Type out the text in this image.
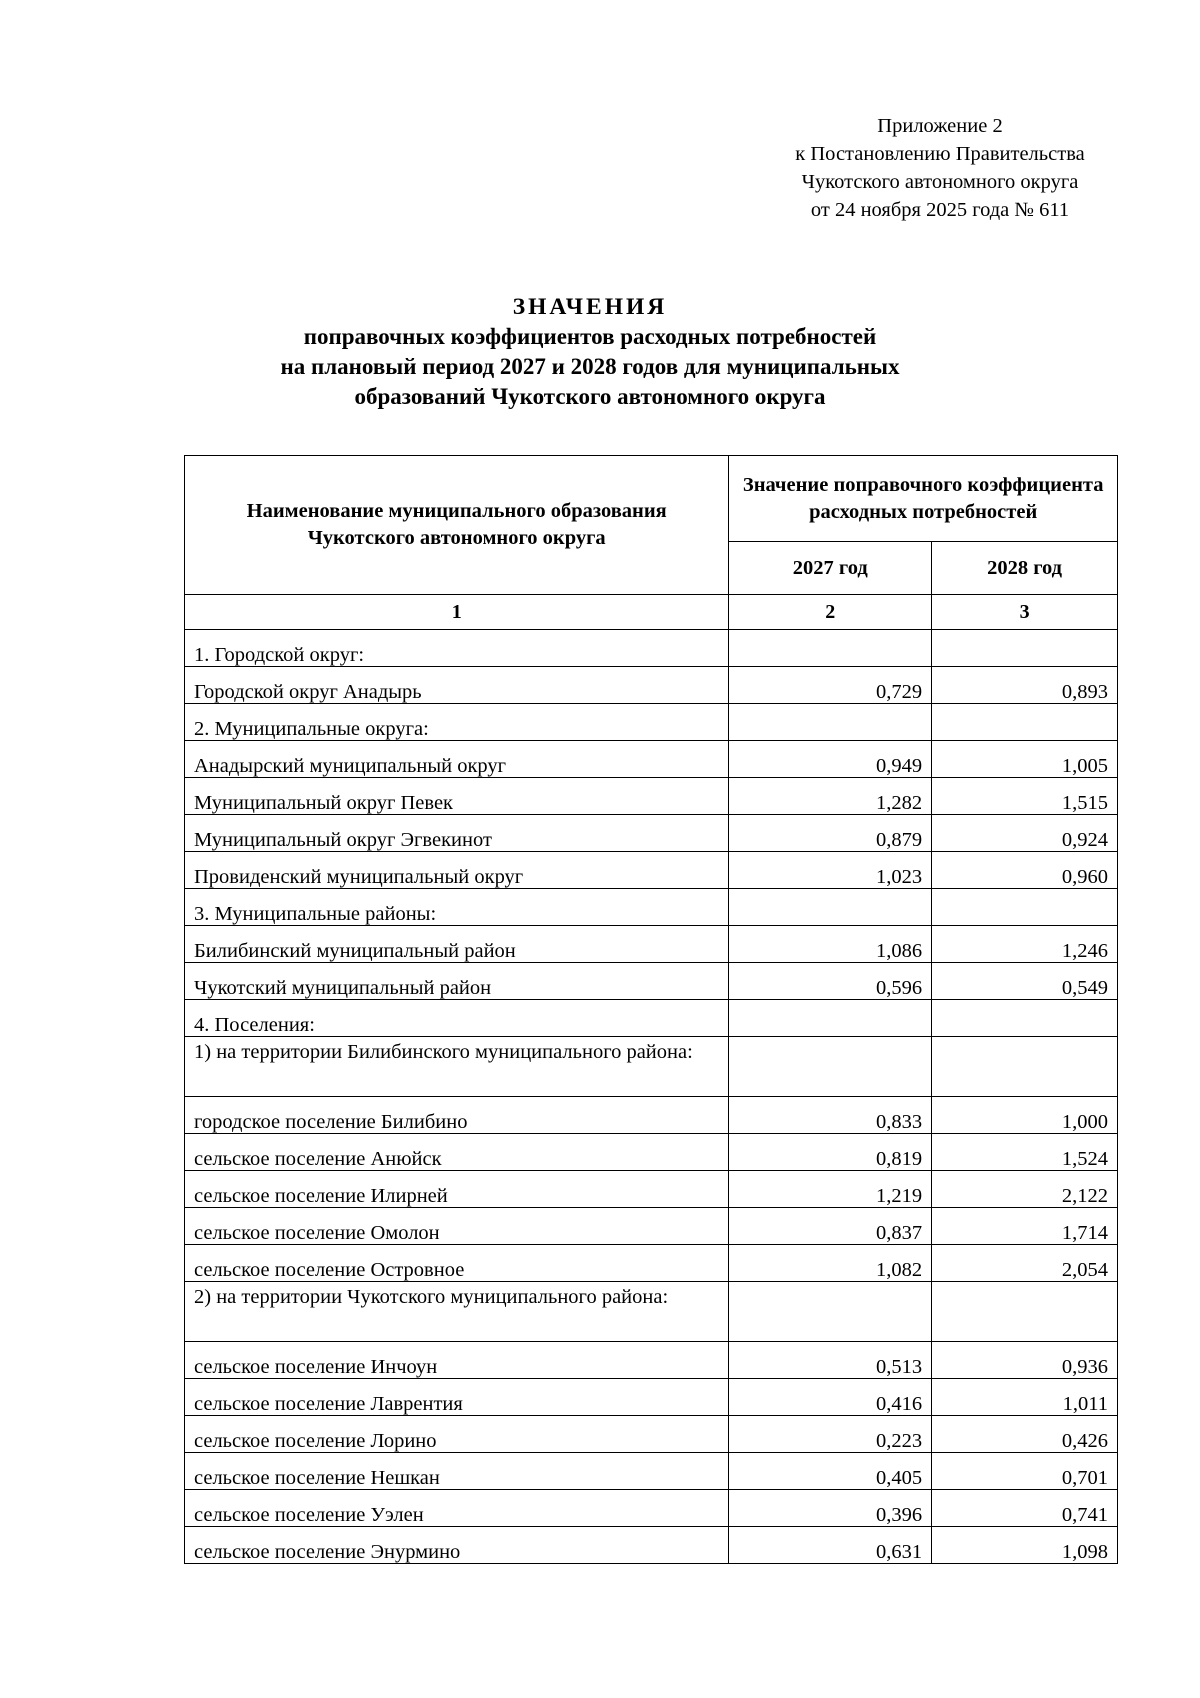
Приложение 2
к Постановлению Правительства
Чукотского автономного округа
от 24 ноября 2025 года № 611
ЗНАЧЕНИЯ
поправочных коэффициентов расходных потребностей
на плановый период 2027 и 2028 годов для муниципальных
образований Чукотского автономного округа
Наименование муниципального образования Чукотского автономного округа	Значение поправочного коэффициента расходных потребностей	
	2027 год	2028 год
1	2	3
1. Городской округ:		
Городской округ Анадырь	0,729	0,893
2. Муниципальные округа:		
Анадырский муниципальный округ	0,949	1,005
Муниципальный округ Певек	1,282	1,515
Муниципальный округ Эгвекинот	0,879	0,924
Провиденский муниципальный округ	1,023	0,960
3. Муниципальные районы:		
Билибинский муниципальный район	1,086	1,246
Чукотский муниципальный район	0,596	0,549
4. Поселения:		
1) на территории Билибинского муниципального района:		
городское поселение Билибино	0,833	1,000
сельское поселение Анюйск	0,819	1,524
сельское поселение Илирней	1,219	2,122
сельское поселение Омолон	0,837	1,714
сельское поселение Островное	1,082	2,054
2) на территории Чукотского муниципального района:		
сельское поселение Инчоун	0,513	0,936
сельское поселение Лаврентия	0,416	1,011
сельское поселение Лорино	0,223	0,426
сельское поселение Нешкан	0,405	0,701
сельское поселение Уэлен	0,396	0,741
сельское поселение Энурмино	0,631	1,098
